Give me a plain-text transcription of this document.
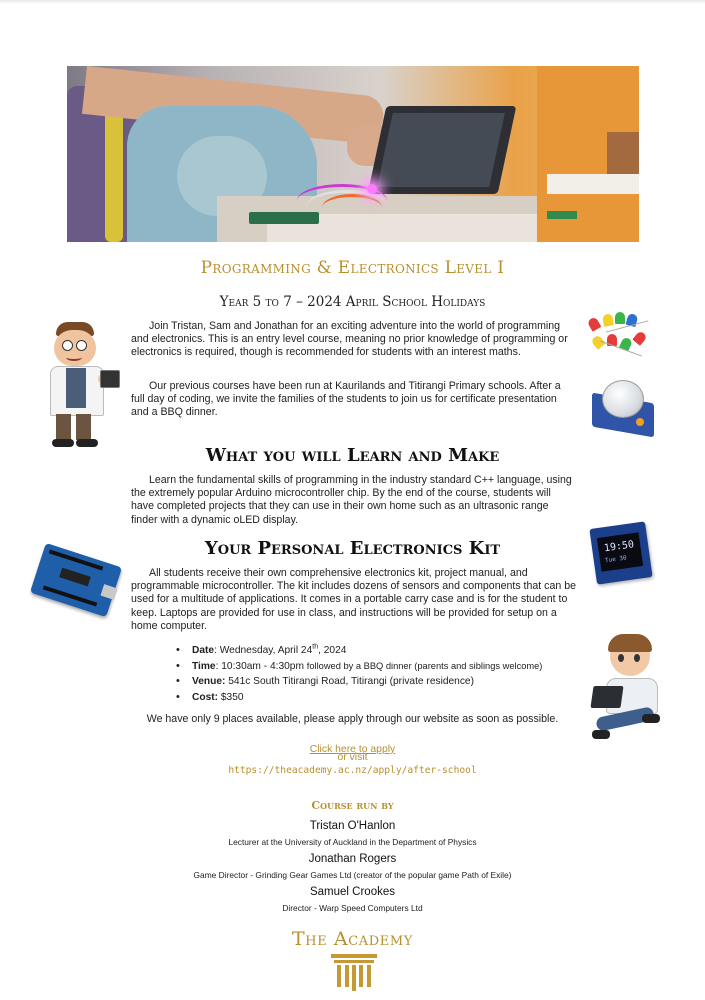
Programming & Electronics Level I
Year 5 to 7 – 2024 April School Holidays

Join Tristan, Sam and Jonathan for an exciting adventure into the world of programming and electronics. This is an entry level course, meaning no prior knowledge of programming or electronics is required, though is recommended for students with an interest maths.

Our previous courses have been run at Kaurilands and Titirangi Primary schools. After a full day of coding, we invite the families of the students to join us for certificate presentation and a BBQ dinner.

What you will Learn and Make

Learn the fundamental skills of programming in the industry standard C++ language, using the extremely popular Arduino microcontroller chip. By the end of the course, students will have completed projects that they can use in their own home such as an ultrasonic range finder with a dynamic oLED display.

19:50
Tue 30
Your Personal Electronics Kit

All students receive their own comprehensive electronics kit, project manual, and programmable microcontroller. The kit includes dozens of sensors and components that can be used for a multitude of applications. It comes in a portable carry case and is for the student to keep. Laptops are provided for use in class, and instructions will be provided for setup on a home computer.

• Date: Wednesday, April 24th, 2024
• Time: 10:30am - 4:30pm followed by a BBQ dinner (parents and siblings welcome)
• Venue: 541c South Titirangi Road, Titirangi (private residence)
• Cost: $350
We have only 9 places available, please apply through our website as soon as possible.
Click here to apply
or visit
https://theacademy.ac.nz/apply/after-school
Course run by
Tristan O'Hanlon
Lecturer at the University of Auckland in the Department of Physics
Jonathan Rogers
Game Director - Grinding Gear Games Ltd (creator of the popular game Path of Exile)
Samuel Crookes
Director - Warp Speed Computers Ltd
The Academy
